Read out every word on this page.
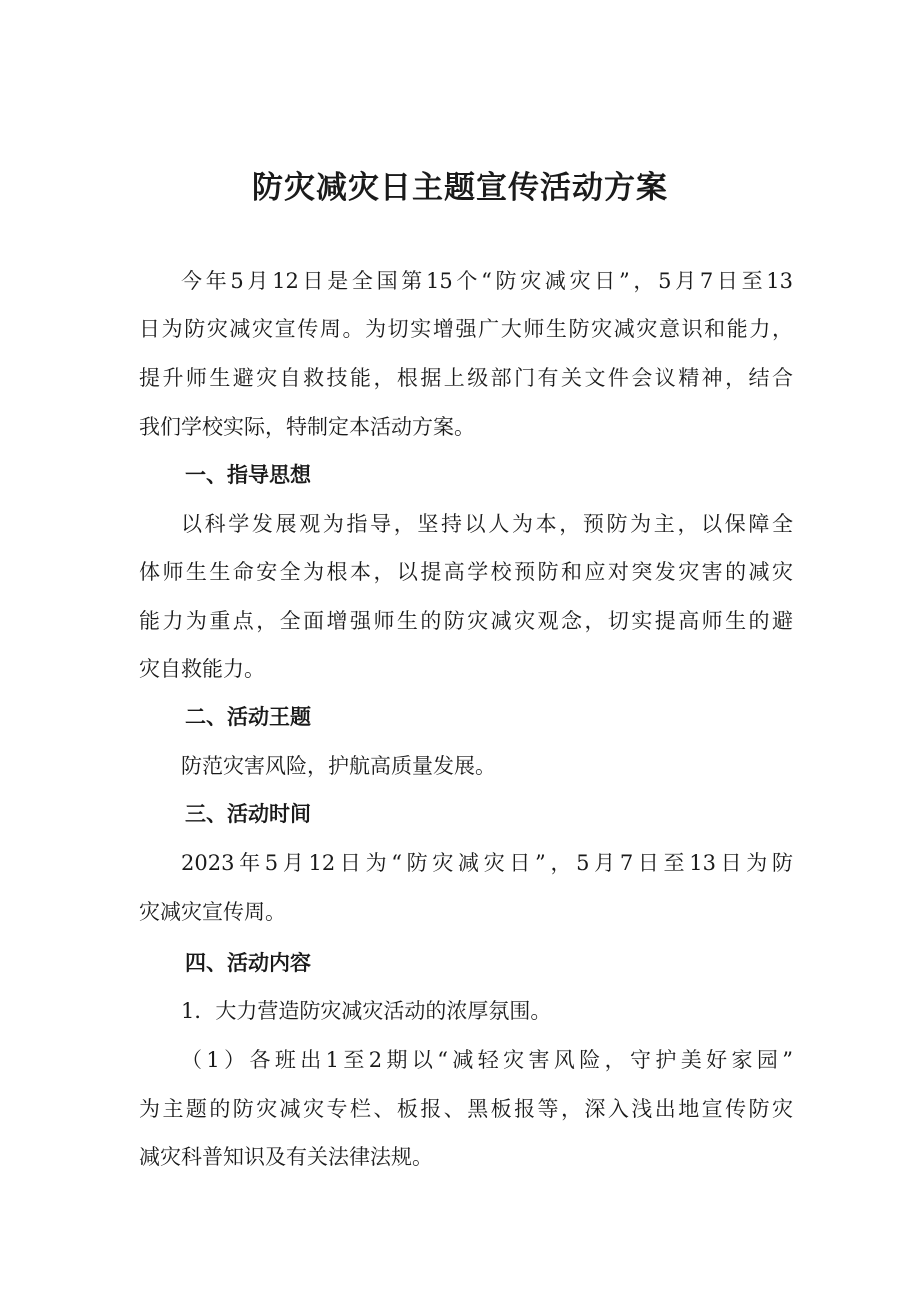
防灾减灾日主题宣传活动方案
今年5月12日是全国第15个“防灾减灾日”，5月7日至13
日为防灾减灾宣传周。为切实增强广大师生防灾减灾意识和能力，
提升师生避灾自救技能，根据上级部门有关文件会议精神，结合
我们学校实际，特制定本活动方案。
一、指导思想
以科学发展观为指导，坚持以人为本，预防为主，以保障全
体师生生命安全为根本，以提高学校预防和应对突发灾害的减灾
能力为重点，全面增强师生的防灾减灾观念，切实提高师生的避
灾自救能力。
二、活动王题
防范灾害风险，护航高质量发展。
三、活动时间
2023年5月12日为“防灾减灾日”，5月7日至13日为防
灾减灾宣传周。
四、活动内容
1．大力营造防灾减灾活动的浓厚氛围。
（1）各班出1至2期以“减轻灾害风险，守护美好家园”
为主题的防灾减灾专栏、板报、黑板报等，深入浅出地宣传防灾
减灾科普知识及有关法律法规。
